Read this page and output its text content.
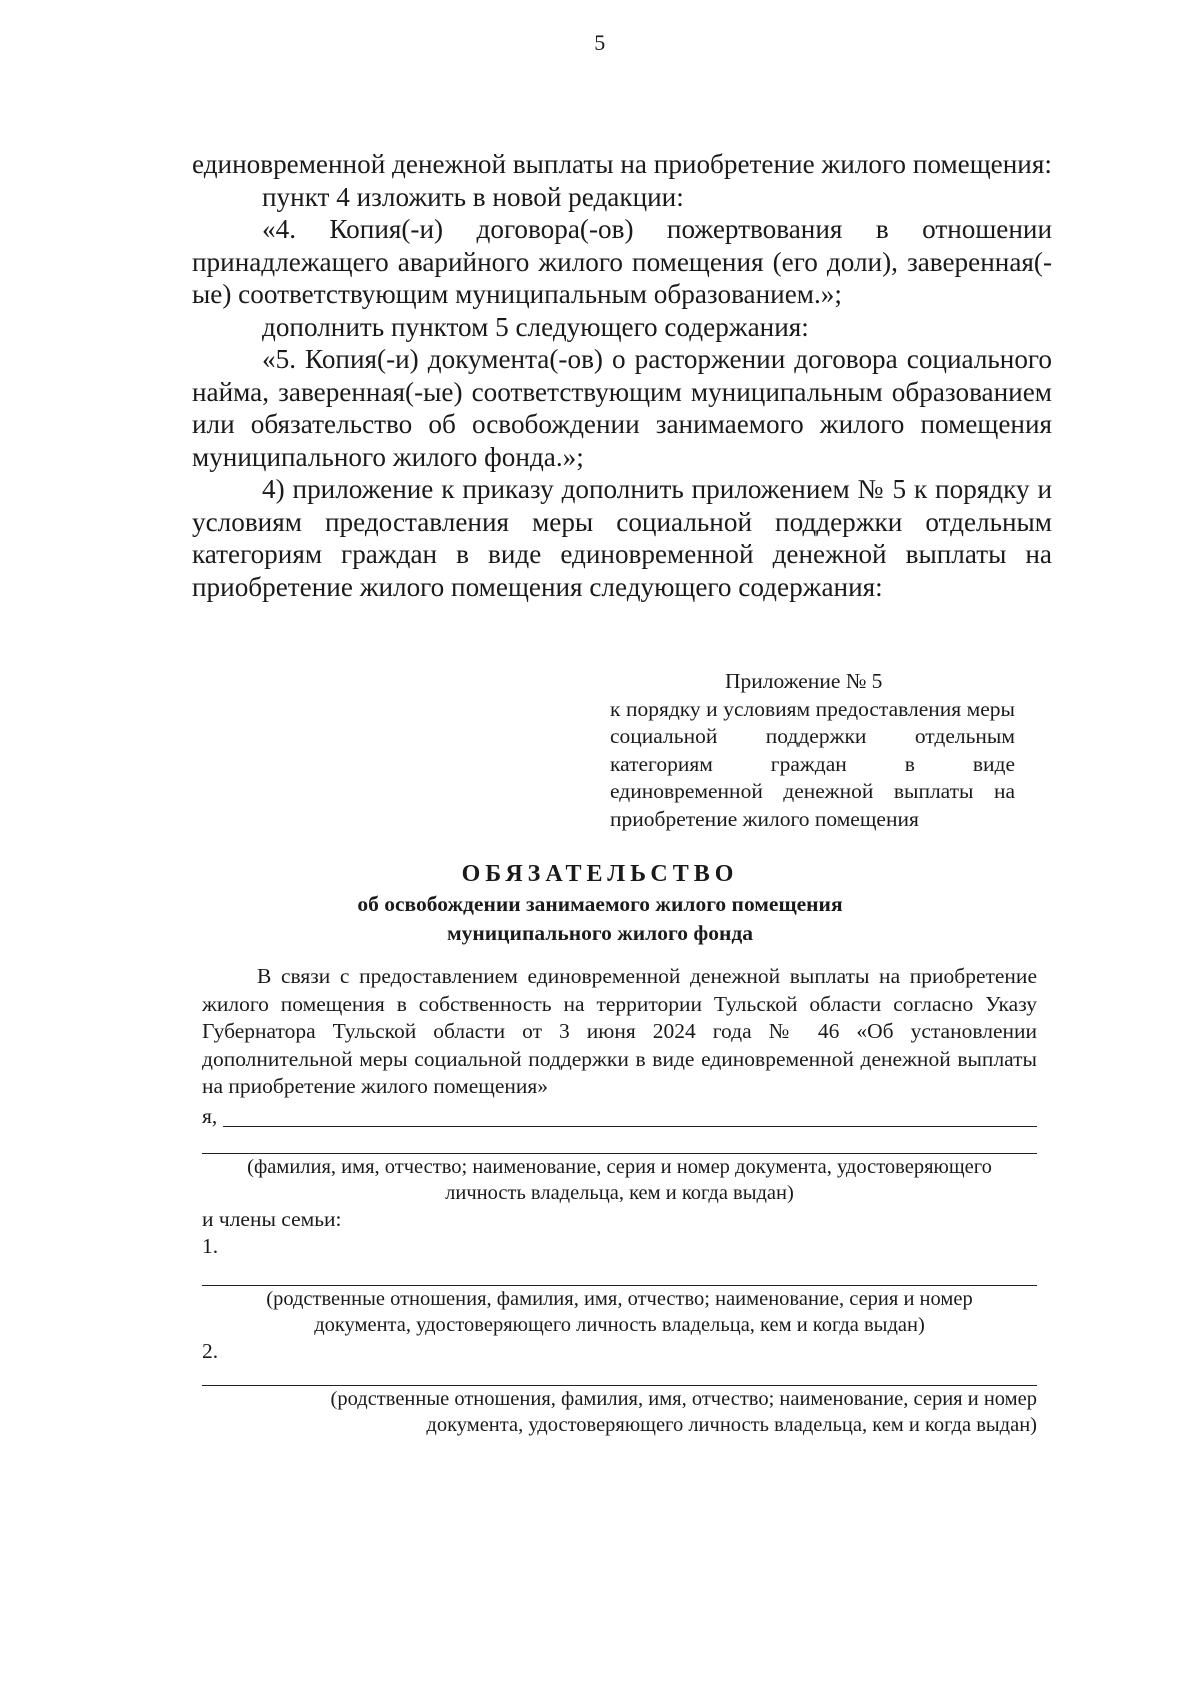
5

единовременной денежной выплаты на приобретение жилого помещения:

пункт 4 изложить в новой редакции:

«4. Копия(-и) договора(-ов) пожертвования в отношении принадлежащего аварийного жилого помещения (его доли), заверенная(-ые) соответствующим муниципальным образованием.»;

дополнить пунктом 5 следующего содержания:

«5. Копия(-и) документа(-ов) о расторжении договора социального найма, заверенная(-ые) соответствующим муниципальным образованием или обязательство об освобождении занимаемого жилого помещения муниципального жилого фонда.»;

4) приложение к приказу дополнить приложением № 5 к порядку и условиям предоставления меры социальной поддержки отдельным категориям граждан в виде единовременной денежной выплаты на приобретение жилого помещения следующего содержания:

Приложение № 5

к порядку и условиям предоставления меры социальной поддержки отдельным категориям граждан в виде единовременной денежной выплаты на приобретение жилого помещения

ОБЯЗАТЕЛЬСТВО

об освобождении занимаемого жилого помещения

муниципального жилого фонда

В связи с предоставлением единовременной денежной выплаты на приобретение жилого помещения в собственность на территории Тульской области согласно Указу Губернатора Тульской области от 3 июня 2024 года № 46 «Об установлении дополнительной меры социальной поддержки в виде единовременной денежной выплаты на приобретение жилого помещения»

я,

(фамилия, имя, отчество; наименование, серия и номер документа, удостоверяющего
личность владельца, кем и когда выдан)

и члены семьи:

1.

(родственные отношения, фамилия, имя, отчество; наименование, серия и номер
документа, удостоверяющего личность владельца, кем и когда выдан)

2.

(родственные отношения, фамилия, имя, отчество; наименование, серия и номер
документа, удостоверяющего личность владельца, кем и когда выдан)
